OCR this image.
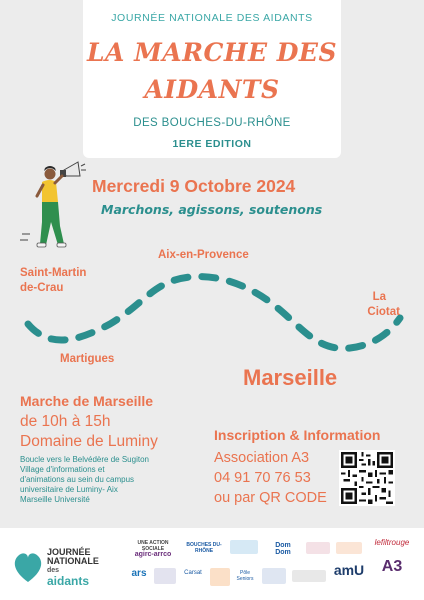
JOURNÉE NATIONALE DES AIDANTS
LA MARCHE DES
AIDANTS
DES BOUCHES-DU-RHÔNE
1ERE EDITION
Mercredi 9 Octobre 2024
Marchons, agissons, soutenons
Saint-Martin
de-Crau
Aix-en-Provence
La
Ciotat
Martigues
Marseille
Marche de Marseille
de 10h à 15h
Domaine de Luminy
Boucle vers le Belvédère de Sugiton
Village d'informations et
d'animations au sein du campus
universitaire de Luminy- Aix
Marseille Université
Inscription & Information
Association A3
04 91 70 76 53
ou par QR CODE
JOURNÉE
NATIONALE
des
aidants
UNE ACTION SOCIALE
agirc-arrco
BOUCHES DU-RHÔNE
Dom Dom
lefiltrouge
ars	Carsat	Pôle Seniors
amU	A3
